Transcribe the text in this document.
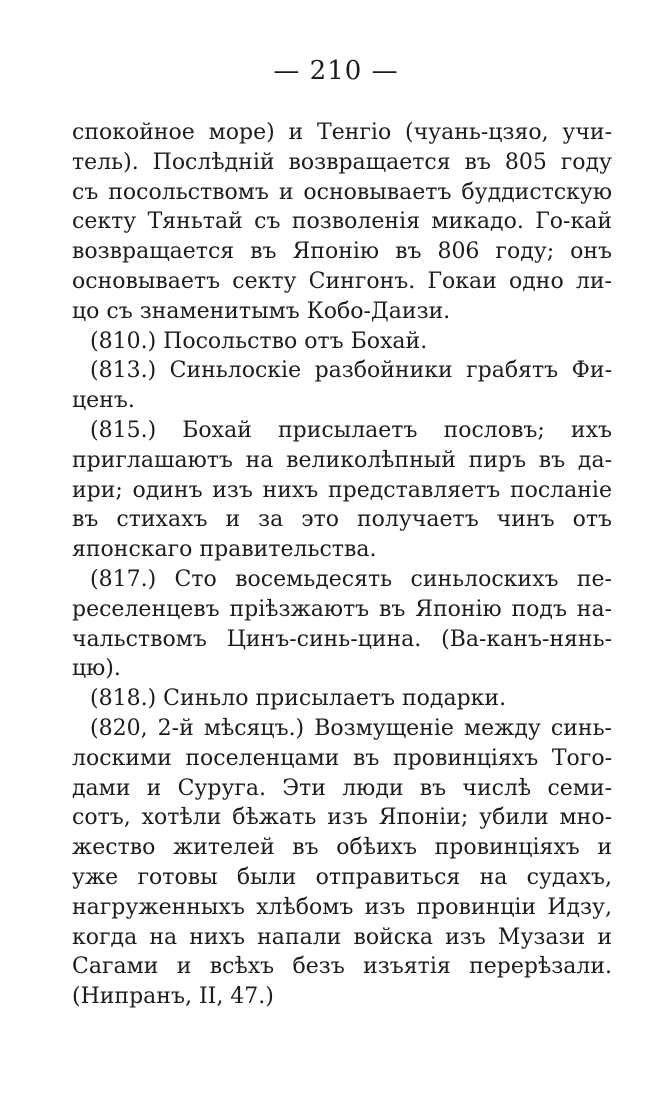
— 210 —
спокойное море) и Тенгіо (чуань-цзяо, учи-
тель). Послѣдній возвращается въ 805 году
съ посольствомъ и основываетъ буддистскую
секту Тяньтай съ позволенія микадо. Го-кай
возвращается въ Японію въ 806 году; онъ
основываетъ секту Сингонъ. Гокаи одно ли-
цо съ знаменитымъ Кобо-Даизи.
(810.) Посольство отъ Бохай.
(813.) Синьлоскіе разбойники грабятъ Фи-
ценъ.
(815.) Бохай присылаетъ пословъ; ихъ
приглашаютъ на великолѣпный пиръ въ да-
ири; одинъ изъ нихъ представляетъ посланіе
въ стихахъ и за это получаетъ чинъ отъ
японскаго правительства.
(817.) Сто восемьдесять синьлоскихъ пе-
реселенцевъ пріѣзжаютъ въ Японію подъ на-
чальствомъ Цинъ-синь-цина. (Ва-канъ-нянь-
цю).
(818.) Синьло присылаетъ подарки.
(820, 2-й мѣсяцъ.) Возмущеніе между синь-
лоскими поселенцами въ провинціяхъ Того-
дами и Суруга. Эти люди въ числѣ семи-
сотъ, хотѣли бѣжать изъ Японіи; убили мно-
жество жителей въ обѣихъ провинціяхъ и
уже готовы были отправиться на судахъ,
нагруженныхъ хлѣбомъ изъ провинціи Идзу,
когда на нихъ напали войска изъ Музази и
Сагами и всѣхъ безъ изъятія перерѣзали.
(Нипранъ, II, 47.)
